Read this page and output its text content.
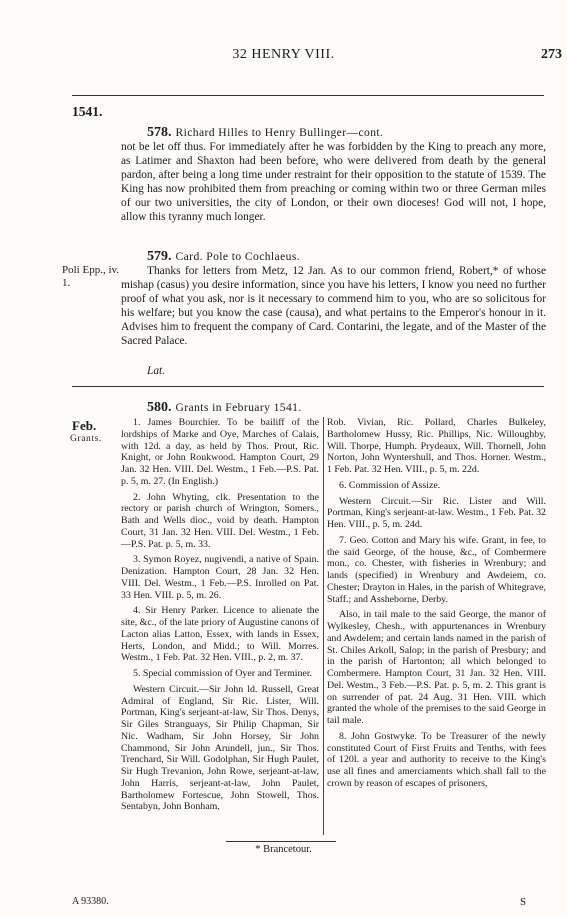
32 HENRY VIII.	273
1541.
578. Richard Hilles to Henry Bullinger—cont.
not be let off thus. For immediately after he was forbidden by the King to preach any more, as Latimer and Shaxton had been before, who were delivered from death by the general pardon, after being a long time under restraint for their opposition to the statute of 1539. The King has now prohibited them from preaching or coming within two or three German miles of our two universities, the city of London, or their own dioceses! God will not, I hope, allow this tyranny much longer.
579. Card. Pole to Cochlaeus.
Poli Epp., iv. 1.
Thanks for letters from Metz, 12 Jan. As to our common friend, Robert,* of whose mishap (casus) you desire information, since you have his letters, I know you need no further proof of what you ask, nor is it necessary to commend him to you, who are so solicitous for his welfare; but you know the case (causa), and what pertains to the Emperor's honour in it. Advises him to frequent the company of Card. Contarini, the legate, and of the Master of the Sacred Palace.
Lat.
580. Grants in February 1541.
Feb.
Grants.

1. James Bourchier. To be bailiff of the lordships of Marke and Oye, Marches of Calais, with 12d. a day, as held by Thos. Prout, Ric. Knight, or John Roukwood. Hampton Court, 29 Jan. 32 Hen. VIII. Del. Westm., 1 Feb.—P.S. Pat. p. 5, m. 27. (In English.)

2. John Whyting, clk. Presentation to the rectory or parish church of Wrington, Somers., Bath and Wells dioc., void by death. Hampton Court, 31 Jan. 32 Hen. VIII. Del. Westm., 1 Feb.—P.S. Pat. p. 5, m. 33.

3. Symon Royez, nugivendi, a native of Spain. Denization. Hampton Court, 28 Jan. 32 Hen. VIII. Del. Westm., 1 Feb.—P.S. Inrolled on Pat. 33 Hen. VIII. p. 5, m. 26.

4. Sir Henry Parker. Licence to alienate the site, &c., of the late priory of Augustine canons of Lacton alias Latton, Essex, with lands in Essex, Herts, London, and Midd.; to Will. Morres. Westm., 1 Feb. Pat. 32 Hen. VIII., p. 2, m. 37.

5. Special commission of Oyer and Terminer.

Western Circuit.—Sir John ld. Russell, Great Admiral of England, Sir Ric. Lister, Will. Portman, King's serjeant-at-law, Sir Thos. Denys, Sir Giles Stranguays, Sir Philip Chapman, Sir Nic. Wadham, Sir John Horsey, Sir John Chammond, Sir John Arundell, jun., Sir Thos. Trenchard, Sir Will. Godolphan, Sir Hugh Paulet, Sir Hugh Trevanion, John Rowe, serjeant-at-law, John Harris, serjeant-at-law, John Paulet, Bartholomew Fortescue, John Stowell, Thos. Sentabyn, John Bonham,

Rob. Vivian, Ric. Pollard, Charles Bulkeley, Bartholomew Hussy, Ric. Phillips, Nic. Willoughby, Will. Thorpe, Humph. Prydeaux, Will. Thornell, John Norton, John Wyntershull, and Thos. Horner. Westm., 1 Feb. Pat. 32 Hen. VIII., p. 5, m. 22d.

6. Commission of Assize.

Western Circuit.—Sir Ric. Lister and Will. Portman, King's serjeant-at-law. Westm., 1 Feb. Pat. 32 Hen. VIII., p. 5, m. 24d.

7. Geo. Cotton and Mary his wife. Grant, in fee, to the said George, of the house, &c., of Combermere mon., co. Chester, with fisheries in Wrenbury; and lands (specified) in Wrenbury and Awdeiem, co. Chester; Drayton in Hales, in the parish of Whitegrave, Staff.; and Assheborne, Derby.

Also, in tail male to the said George, the manor of Wylkesley, Chesh., with appurtenances in Wrenbury and Awdelem; and certain lands named in the parish of St. Chiles Arkoll, Salop; in the parish of Presbury; and in the parish of Hartonton; all which belonged to Combermere. Hampton Court, 31 Jan. 32 Hen. VIII. Del. Westm., 3 Feb.—P.S. Pat. p. 5, m. 2. This grant is on surrender of pat. 24 Aug. 31 Hen. VIII. which granted the whole of the premises to the said George in tail male.

8. John Gostwyke. To be Treasurer of the newly constituted Court of First Fruits and Tenths, with fees of 120l. a year and authority to receive to the King's use all fines and amerciaments which shall fall to the crown by reason of escapes of prisoners,

* Brancetour.
A 93380.	S
